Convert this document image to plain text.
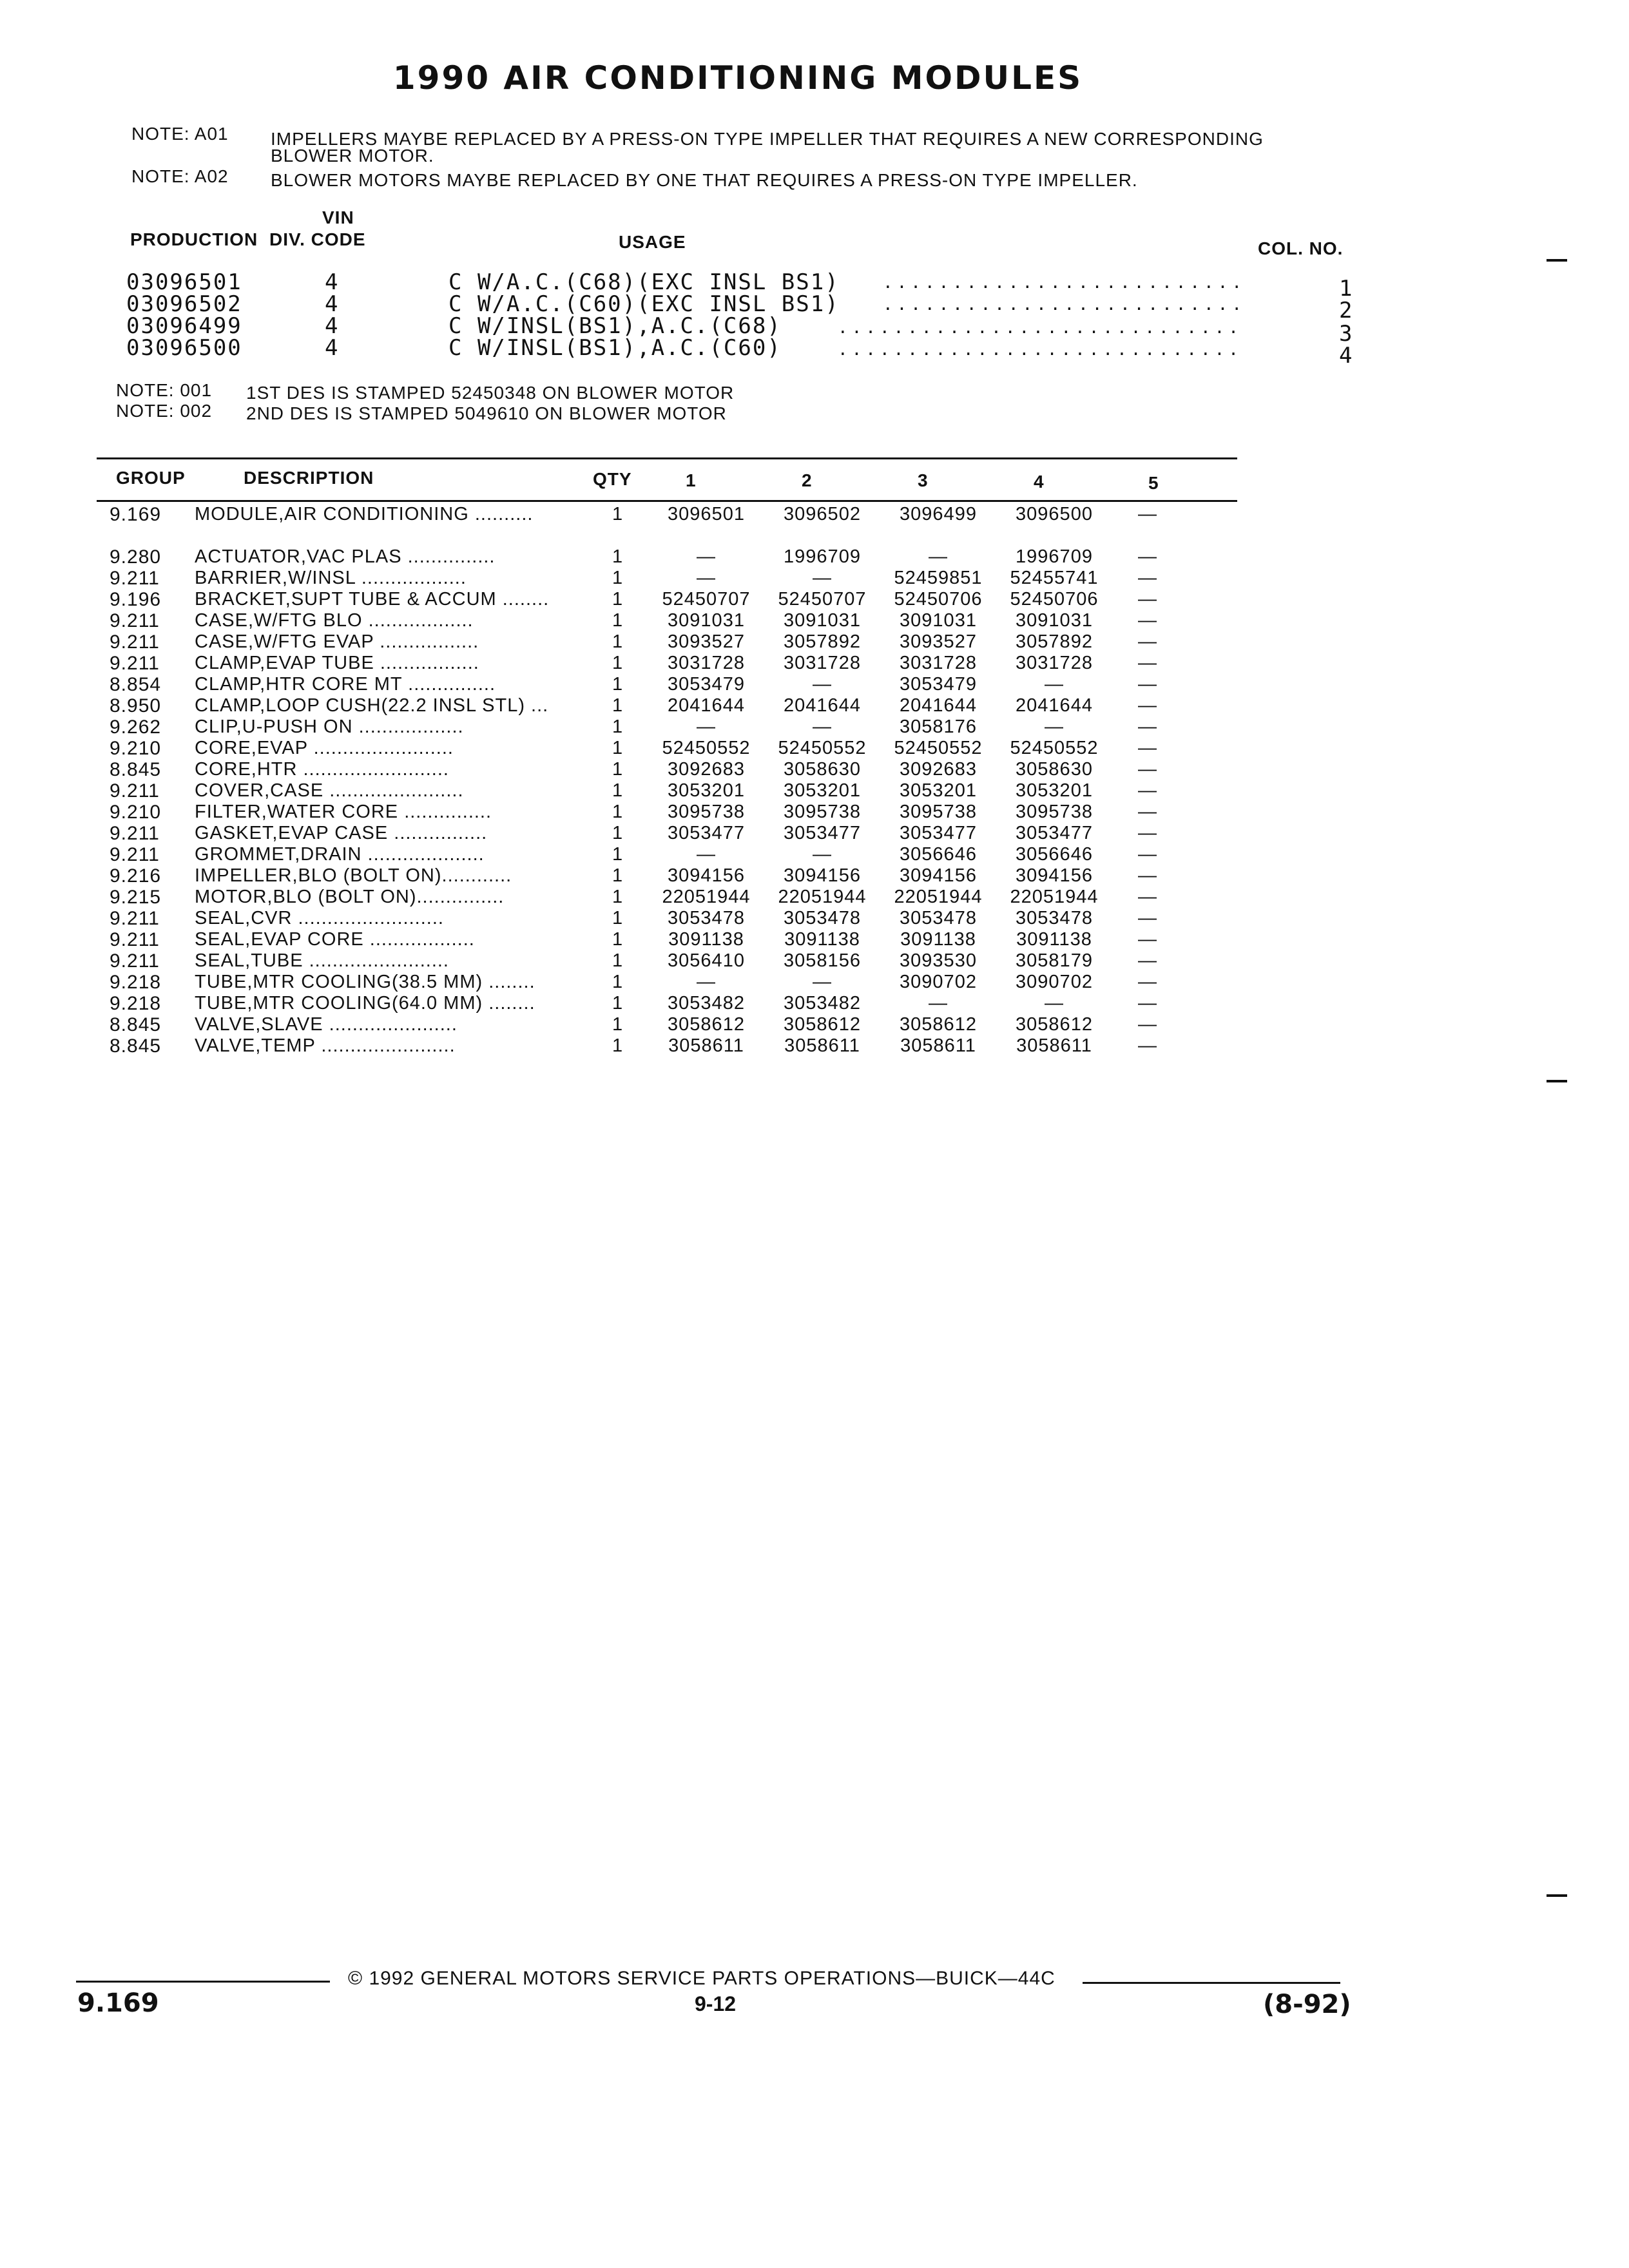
1990 AIR CONDITIONING MODULES
NOTE: A01 IMPELLERS MAYBE REPLACED BY A PRESS-ON TYPE IMPELLER THAT REQUIRES A NEW CORRESPONDING
BLOWER MOTOR.
NOTE: A02 BLOWER MOTORS MAYBE REPLACED BY ONE THAT REQUIRES A PRESS-ON TYPE IMPELLER.
VIN
PRODUCTION DIV. CODE	USAGE	COL. NO.
03096501	4	C W/A.C.(C68)(EXC INSL BS1)	..........................	1
03096502	4	C W/A.C.(C60)(EXC INSL BS1)	..........................	2
03096499	4	C W/INSL(BS1),A.C.(C68)	.............................	3
03096500	4	C W/INSL(BS1),A.C.(C60)	.............................	4
NOTE: 001 1ST DES IS STAMPED 52450348 ON BLOWER MOTOR
NOTE: 002 2ND DES IS STAMPED 5049610 ON BLOWER MOTOR
GROUP	DESCRIPTION	QTY	1	2	3	4	5
9.169	MODULE,AIR CONDITIONING ..........	1	3096501	3096502	3096499	3096500	—

9.280	ACTUATOR,VAC PLAS ...............	1	—	1996709	—	1996709	—
9.211	BARRIER,W/INSL ..................	1	—	—	52459851	52455741	—
9.196	BRACKET,SUPT TUBE & ACCUM ........	1	52450707	52450707	52450706	52450706	—
9.211	CASE,W/FTG BLO ..................	1	3091031	3091031	3091031	3091031	—
9.211	CASE,W/FTG EVAP .................	1	3093527	3057892	3093527	3057892	—
9.211	CLAMP,EVAP TUBE .................	1	3031728	3031728	3031728	3031728	—
8.854	CLAMP,HTR CORE MT ...............	1	3053479	—	3053479	—	—
8.950	CLAMP,LOOP CUSH(22.2 INSL STL) ...	1	2041644	2041644	2041644	2041644	—
9.262	CLIP,U-PUSH ON ..................	1	—	—	3058176	—	—
9.210	CORE,EVAP ........................	1	52450552	52450552	52450552	52450552	—
8.845	CORE,HTR .........................	1	3092683	3058630	3092683	3058630	—
9.211	COVER,CASE .......................	1	3053201	3053201	3053201	3053201	—
9.210	FILTER,WATER CORE ...............	1	3095738	3095738	3095738	3095738	—
9.211	GASKET,EVAP CASE ................	1	3053477	3053477	3053477	3053477	—
9.211	GROMMET,DRAIN ....................	1	—	—	3056646	3056646	—
9.216	IMPELLER,BLO (BOLT ON)............	1	3094156	3094156	3094156	3094156	—
9.215	MOTOR,BLO (BOLT ON)...............	1	22051944	22051944	22051944	22051944	—
9.211	SEAL,CVR .........................	1	3053478	3053478	3053478	3053478	—
9.211	SEAL,EVAP CORE ..................	1	3091138	3091138	3091138	3091138	—
9.211	SEAL,TUBE ........................	1	3056410	3058156	3093530	3058179	—
9.218	TUBE,MTR COOLING(38.5 MM) ........	1	—	—	3090702	3090702	—
9.218	TUBE,MTR COOLING(64.0 MM) ........	1	3053482	3053482	—	—	—
8.845	VALVE,SLAVE ......................	1	3058612	3058612	3058612	3058612	—
8.845	VALVE,TEMP .......................	1	3058611	3058611	3058611	3058611	—
© 1992 GENERAL MOTORS SERVICE PARTS OPERATIONS—BUICK—44C
9.169	9-12	(8-92)
